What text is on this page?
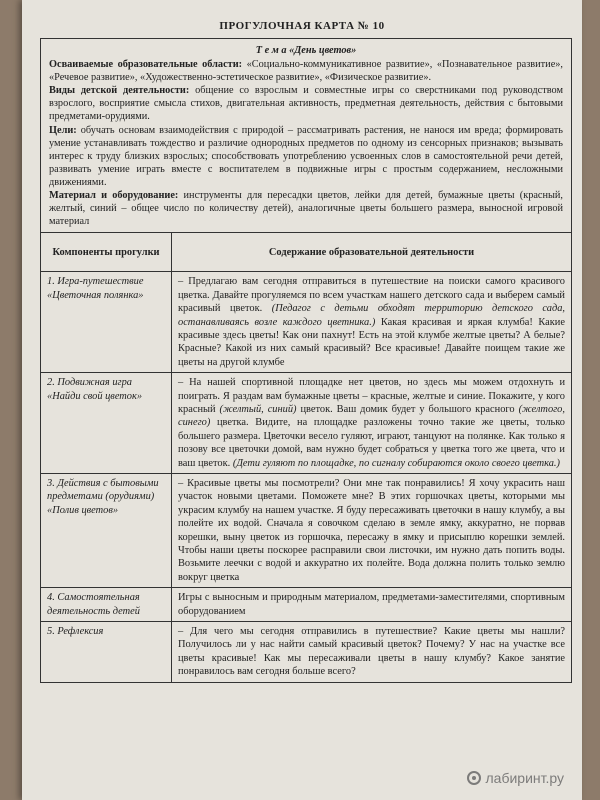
ПРОГУЛОЧНАЯ КАРТА № 10
Т е м а «День цветов»

Осваиваемые образовательные области: «Социально-коммуникативное развитие», «Познавательное развитие», «Речевое развитие», «Художественно-эстетическое развитие», «Физическое развитие».

Виды детской деятельности: общение со взрослым и совместные игры со сверстниками под руководством взрослого, восприятие смысла стихов, двигательная активность, предметная деятельность, действия с бытовыми предметами-орудиями.

Цели: обучать основам взаимодействия с природой – рассматривать растения, не нанося им вреда; формировать умение устанавливать тождество и различие однородных предметов по одному из сенсорных признаков; вызывать интерес к труду близких взрослых; способствовать употреблению усвоенных слов в самостоятельной речи детей, развивать умение играть вместе с воспитателем в подвижные игры с простым содержанием, несложными движениями.

Материал и оборудование: инструменты для пересадки цветов, лейки для детей, бумажные цветы (красный, желтый, синий – общее число по количеству детей), аналогичные цветы большего размера, выносной игровой материал

Компоненты прогулки	Содержание образовательной деятельности
1. Игра-путешествие «Цветочная полянка»	– Предлагаю вам сегодня отправиться в путешествие на поиски самого красивого цветка. Давайте прогуляемся по всем участкам нашего детского сада и выберем самый красивый цветок. (Педагог с детьми обходят территорию детского сада, останавливаясь возле каждого цветника.) Какая красивая и яркая клумба! Какие красивые здесь цветы! Как они пахнут! Есть на этой клумбе желтые цветы? А белые? Красные? Какой из них самый красивый? Все красивые! Давайте поищем такие же цветы на другой клумбе
2. Подвижная игра «Найди свой цветок»	– На нашей спортивной площадке нет цветов, но здесь мы можем отдохнуть и поиграть. Я раздам вам бумажные цветы – красные, желтые и синие. Покажите, у кого красный (желтый, синий) цветок. Ваш домик будет у большого красного (желтого, синего) цветка. Видите, на площадке разложены точно такие же цветы, только большего размера. Цветочки весело гуляют, играют, танцуют на полянке. Как только я позову все цветочки домой, вам нужно будет собраться у цветка того же цвета, что и ваш цветок. (Дети гуляют по площадке, по сигналу собираются около своего цветка.)
3. Действия с бытовыми предметами (орудиями) «Полив цветов»	– Красивые цветы мы посмотрели? Они мне так понравились! Я хочу украсить наш участок новыми цветами. Поможете мне? В этих горшочках цветы, которыми мы украсим клумбу на нашем участке. Я буду пересаживать цветочки в нашу клумбу, а вы полейте их водой. Сначала я совочком сделаю в земле ямку, аккуратно, не порвав корешки, выну цветок из горшочка, пересажу в ямку и присыплю корешки землей. Чтобы наши цветы поскорее расправили свои листочки, им нужно дать попить воды. Возьмите леечки с водой и аккуратно их полейте. Вода должна полить только землю вокруг цветка
4. Самостоятельная деятельность детей	Игры с выносным и природным материалом, предметами-заместителями, спортивным оборудованием
5. Рефлексия	– Для чего мы сегодня отправились в путешествие? Какие цветы мы нашли? Получилось ли у нас найти самый красивый цветок? Почему? У нас на участке все цветы красивые! Как мы пересаживали цветы в нашу клумбу? Какое занятие понравилось вам сегодня больше всего?
лабиринт.ру
